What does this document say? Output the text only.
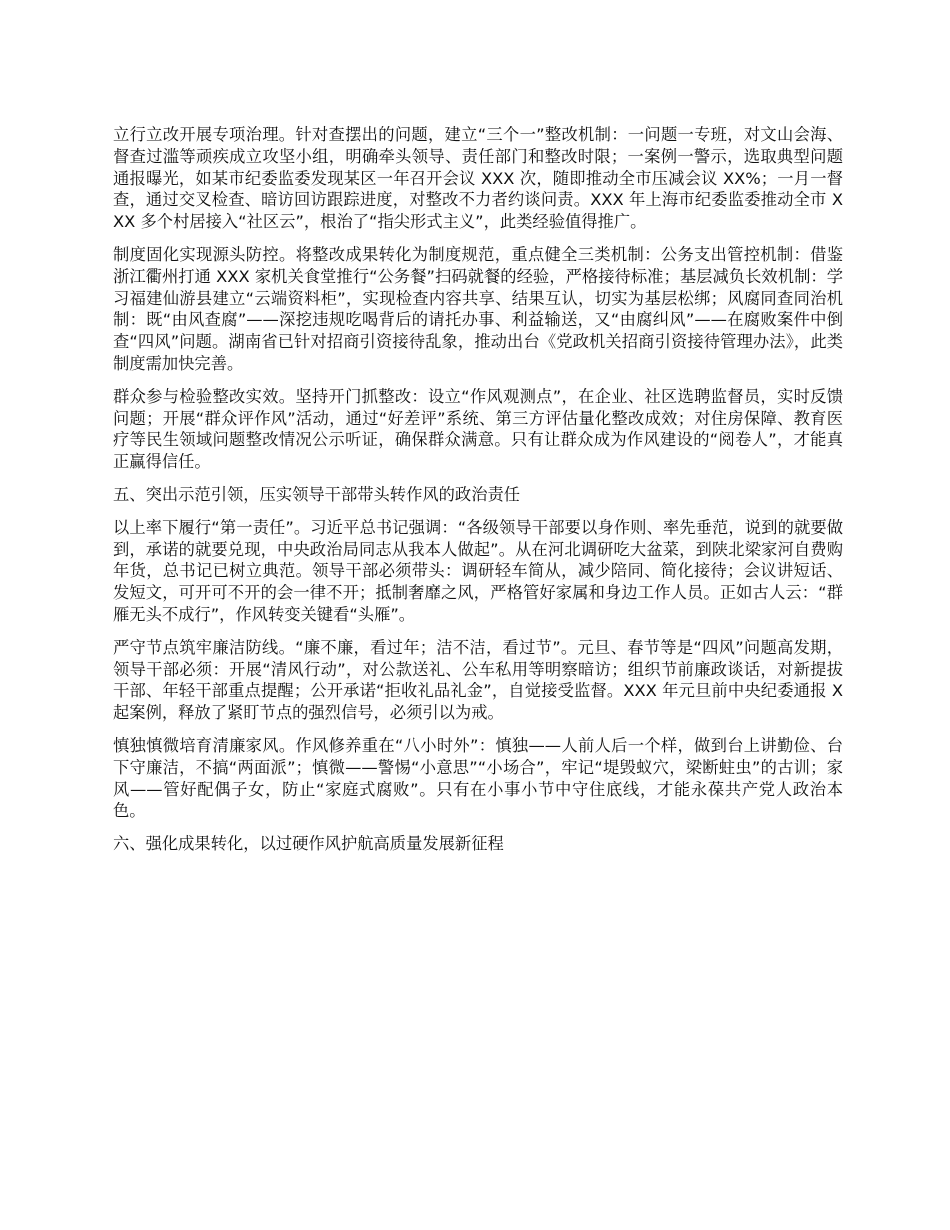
立行立改开展专项治理。针对查摆出的问题，建立“三个一”整改机制：一问题一专班，对文山会海、督查过滥等顽疾成立攻坚小组，明确牵头领导、责任部门和整改时限；一案例一警示，选取典型问题通报曝光，如某市纪委监委发现某区一年召开会议 XXX 次，随即推动全市压减会议 XX%；一月一督查，通过交叉检查、暗访回访跟踪进度，对整改不力者约谈问责。XXX 年上海市纪委监委推动全市 XXX 多个村居接入“社区云”，根治了“指尖形式主义”，此类经验值得推广。

制度固化实现源头防控。将整改成果转化为制度规范，重点健全三类机制：公务支出管控机制：借鉴浙江衢州打通 XXX 家机关食堂推行“公务餐”扫码就餐的经验，严格接待标准；基层减负长效机制：学习福建仙游县建立“云端资料柜”，实现检查内容共享、结果互认，切实为基层松绑；风腐同查同治机制：既“由风查腐”——深挖违规吃喝背后的请托办事、利益输送，又“由腐纠风”——在腐败案件中倒查“四风”问题。湖南省已针对招商引资接待乱象，推动出台《党政机关招商引资接待管理办法》，此类制度需加快完善。

群众参与检验整改实效。坚持开门抓整改：设立“作风观测点”，在企业、社区选聘监督员，实时反馈问题；开展“群众评作风”活动，通过“好差评”系统、第三方评估量化整改成效；对住房保障、教育医疗等民生领域问题整改情况公示听证，确保群众满意。只有让群众成为作风建设的“阅卷人”，才能真正赢得信任。

五、突出示范引领，压实领导干部带头转作风的政治责任

以上率下履行“第一责任”。习近平总书记强调：“各级领导干部要以身作则、率先垂范，说到的就要做到，承诺的就要兑现，中央政治局同志从我本人做起”。从在河北调研吃大盆菜，到陕北梁家河自费购年货，总书记已树立典范。领导干部必须带头：调研轻车简从，减少陪同、简化接待；会议讲短话、发短文，可开可不开的会一律不开；抵制奢靡之风，严格管好家属和身边工作人员。正如古人云：“群雁无头不成行”，作风转变关键看“头雁”。

严守节点筑牢廉洁防线。“廉不廉，看过年；洁不洁，看过节”。元旦、春节等是“四风”问题高发期，领导干部必须：开展“清风行动”，对公款送礼、公车私用等明察暗访；组织节前廉政谈话，对新提拔干部、年轻干部重点提醒；公开承诺“拒收礼品礼金”，自觉接受监督。XXX 年元旦前中央纪委通报 X 起案例，释放了紧盯节点的强烈信号，必须引以为戒。

慎独慎微培育清廉家风。作风修养重在“八小时外”：慎独——人前人后一个样，做到台上讲勤俭、台下守廉洁，不搞“两面派”；慎微——警惕“小意思”“小场合”，牢记“堤毁蚁穴，梁断蛀虫”的古训；家风——管好配偶子女，防止“家庭式腐败”。只有在小事小节中守住底线，才能永葆共产党人政治本色。

六、强化成果转化，以过硬作风护航高质量发展新征程
